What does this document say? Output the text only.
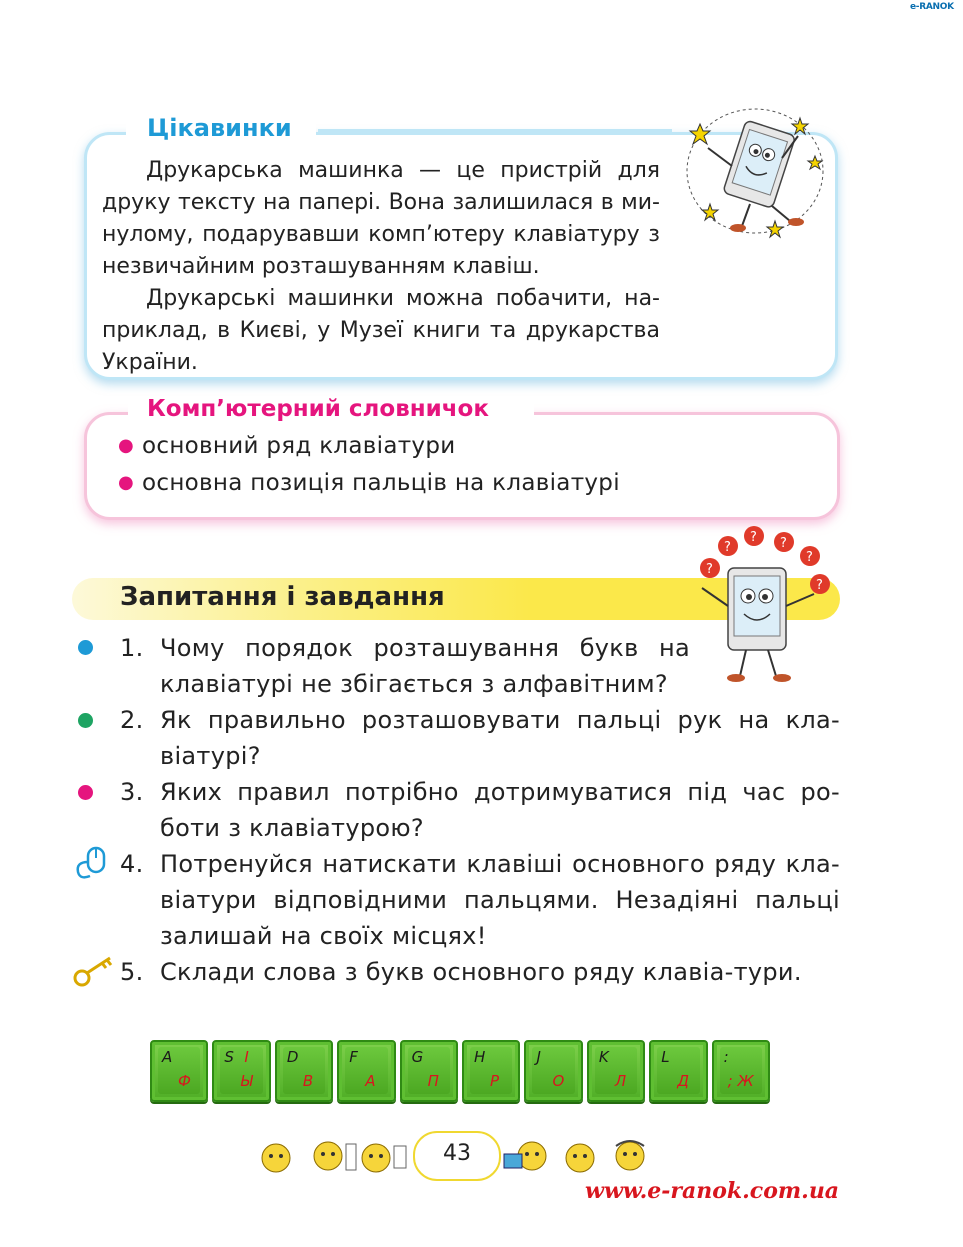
e-RANOK
Цікавинки

Друкарська машинка — це пристрій для друку тексту на папері. Вона залишилася в ми-нулому, подарувавши комп’ютеру клавіатуру з незвичайним розташуванням клавіш.

Друкарські машинки можна побачити, на-приклад, в Києві, у Музеї книги та друкарства України.

Комп’ютерний словничок
● основний ряд клавіатури
● основна позиція пальців на клавіатурі
Запитання і завдання
?
?
? ?
?
?
1. Чому порядок розташування букв на клавіатурі не збігається з алфавітним?
2. Як правильно розташовувати пальці рук на кла-віатурі?
3. Яких правил потрібно дотримуватися під час ро-боти з клавіатурою?
4. Потренуйся натискати клавіші основного ряду кла-віатури відповідними пальцями. Незадіяні пальці залишай на своїх місцях!
5. Склади слова з букв основного ряду клавіа-тури.
A
Ф
S І
Ы
D
В
F
А
G
П
H
Р
J
О
K
Л
L
Д
:
; Ж
43
www.e-ranok.com.ua
